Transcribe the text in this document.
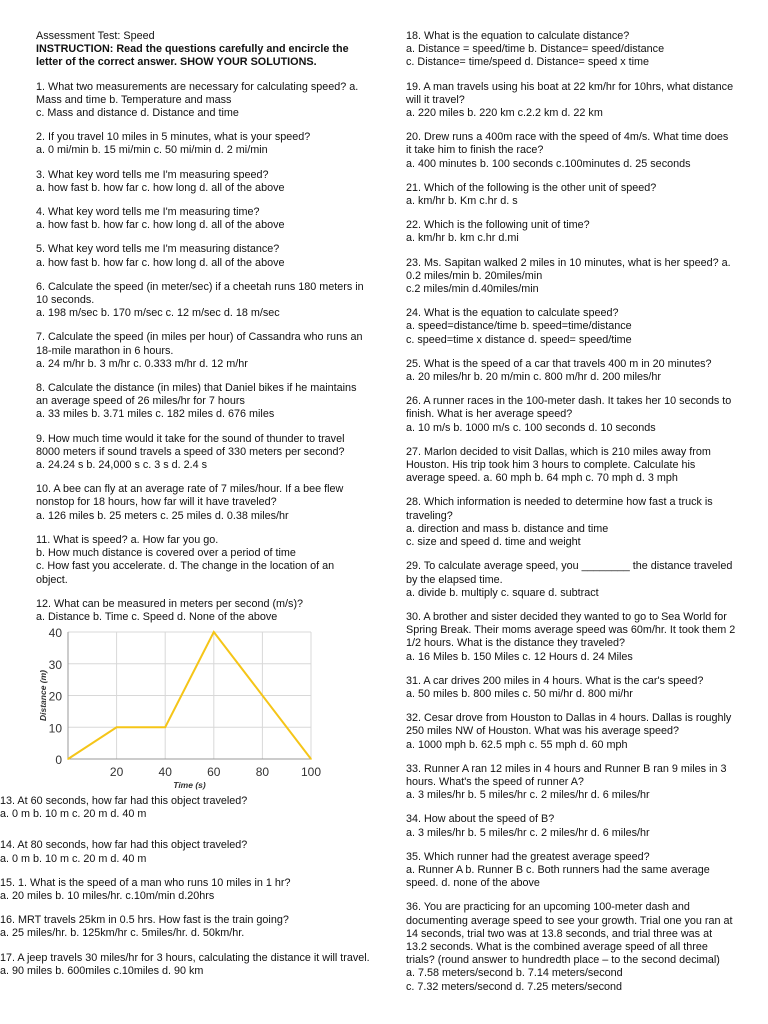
Assessment Test: Speed

INSTRUCTION: Read the questions carefully and encircle the letter of the correct answer. SHOW YOUR SOLUTIONS.

1. What two measurements are necessary for calculating speed? a. Mass and time b. Temperature and mass

c. Mass and distance d. Distance and time

2. If you travel 10 miles in 5 minutes, what is your speed?

a. 0 mi/min b. 15 mi/min c. 50 mi/min d. 2 mi/min

3. What key word tells me I'm measuring speed?

a. how fast b. how far c. how long d. all of the above

4. What key word tells me I'm measuring time?

a. how fast b. how far c. how long d. all of the above

5. What key word tells me I'm measuring distance?

a. how fast b. how far c. how long d. all of the above

6. Calculate the speed (in meter/sec) if a cheetah runs 180 meters in 10 seconds.

a. 198 m/sec b. 170 m/sec c. 12 m/sec d. 18 m/sec

7. Calculate the speed (in miles per hour) of Cassandra who runs an 18-mile marathon in 6 hours.

a. 24 m/hr b. 3 m/hr c. 0.333 m/hr d. 12 m/hr

8. Calculate the distance (in miles) that Daniel bikes if he maintains an average speed of 26 miles/hr for 7 hours

a. 33 miles b. 3.71 miles c. 182 miles d. 676 miles

9. How much time would it take for the sound of thunder to travel 8000 meters if sound travels a speed of 330 meters per second?

a. 24.24 s b. 24,000 s c. 3 s d. 2.4 s

10. A bee can fly at an average rate of 7 miles/hour. If a bee flew nonstop for 18 hours, how far will it have traveled?

a. 126 miles b. 25 meters c. 25 miles d. 0.38 miles/hr

11. What is speed? a. How far you go.

b. How much distance is covered over a period of time

c. How fast you accelerate. d. The change in the location of an object.

12. What can be measured in meters per second (m/s)?

a. Distance b. Time c. Speed d. None of the above

0
10
20
30
40
20	40	60	80	100
Time (s)
Distance (m)

13. At 60 seconds, how far had this object traveled?

a. 0 m b. 10 m c. 20 m d. 40 m

14. At 80 seconds, how far had this object traveled?

a. 0 m b. 10 m c. 20 m d. 40 m

15. 1. What is the speed of a man who runs 10 miles in 1 hr?

a. 20 miles b. 10 miles/hr. c.10m/min d.20hrs

16. MRT travels 25km in 0.5 hrs. How fast is the train going?

a. 25 miles/hr. b. 125km/hr c. 5miles/hr. d. 50km/hr.

17. A jeep travels 30 miles/hr for 3 hours, calculating the distance it will travel.

a. 90 miles b. 600miles c.10miles d. 90 km

18. What is the equation to calculate distance?

a. Distance = speed/time b. Distance= speed/distance

c. Distance= time/speed d. Distance= speed x time

19. A man travels using his boat at 22 km/hr for 10hrs, what distance will it travel?

a. 220 miles b. 220 km c.2.2 km d. 22 km

20. Drew runs a 400m race with the speed of 4m/s. What time does it take him to finish the race?

a. 400 minutes b. 100 seconds c.100minutes d. 25 seconds

21. Which of the following is the other unit of speed?

a. km/hr b. Km c.hr d. s

22. Which is the following unit of time?

a. km/hr b. km c.hr d.mi

23. Ms. Sapitan walked 2 miles in 10 minutes, what is her speed? a. 0.2 miles/min b. 20miles/min

c.2 miles/min d.40miles/min

24. What is the equation to calculate speed?

a. speed=distance/time b. speed=time/distance

c. speed=time x distance d. speed= speed/time

25. What is the speed of a car that travels 400 m in 20 minutes?

a. 20 miles/hr b. 20 m/min c. 800 m/hr d. 200 miles/hr

26. A runner races in the 100-meter dash. It takes her 10 seconds to finish. What is her average speed?

a. 10 m/s b. 1000 m/s c. 100 seconds d. 10 seconds

27. Marlon decided to visit Dallas, which is 210 miles away from Houston. His trip took him 3 hours to complete. Calculate his average speed. a. 60 mph b. 64 mph c. 70 mph d. 3 mph

28. Which information is needed to determine how fast a truck is traveling?

a. direction and mass b. distance and time

c. size and speed d. time and weight

29. To calculate average speed, you ________ the distance traveled by the elapsed time.

a. divide b. multiply c. square d. subtract

30. A brother and sister decided they wanted to go to Sea World for Spring Break. Their moms average speed was 60m/hr. It took them 2 1/2 hours. What is the distance they traveled?

a. 16 Miles b. 150 Miles c. 12 Hours d. 24 Miles

31. A car drives 200 miles in 4 hours. What is the car's speed?

a. 50 miles b. 800 miles c. 50 mi/hr d. 800 mi/hr

32. Cesar drove from Houston to Dallas in 4 hours. Dallas is roughly 250 miles NW of Houston. What was his average speed?

a. 1000 mph b. 62.5 mph c. 55 mph d. 60 mph

33. Runner A ran 12 miles in 4 hours and Runner B ran 9 miles in 3 hours. What's the speed of runner A?

a. 3 miles/hr b. 5 miles/hr c. 2 miles/hr d. 6 miles/hr

34. How about the speed of B?

a. 3 miles/hr b. 5 miles/hr c. 2 miles/hr d. 6 miles/hr

35. Which runner had the greatest average speed?

a. Runner A b. Runner B c. Both runners had the same average speed. d. none of the above

36. You are practicing for an upcoming 100-meter dash and documenting average speed to see your growth. Trial one you ran at 14 seconds, trial two was at 13.8 seconds, and trial three was at 13.2 seconds. What is the combined average speed of all three trials? (round answer to hundredth place – to the second decimal)

a. 7.58 meters/second b. 7.14 meters/second

c. 7.32 meters/second d. 7.25 meters/second
